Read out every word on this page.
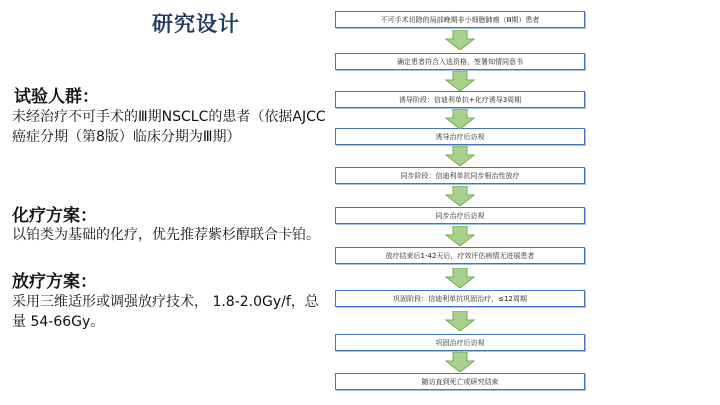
研究设计
试验人群：
未经治疗不可手术的Ⅲ期NSCLC的患者（依据AJCC癌症分期（第8版）临床分期为Ⅲ期）
化疗方案：
以铂类为基础的化疗，优先推荐紫杉醇联合卡铂。
放疗方案：
采用三维适形或调强放疗技术， 1.8-2.0Gy/f，总量 54-66Gy。
不可手术切除的局部晚期非小细胞肺癌（Ⅲ期）患者
确定患者符合入选资格，签署知情同意书
诱导阶段：信迪利单抗+化疗诱导3周期
诱导治疗后访视
同步阶段：信迪利单抗同步根治性放疗
同步治疗后访视
放疗结束后1-42天后，疗效评估病情无进展患者
巩固阶段：信迪利单抗巩固治疗，≤12周期
巩固治疗后访视
随访直到死亡或研究结束
